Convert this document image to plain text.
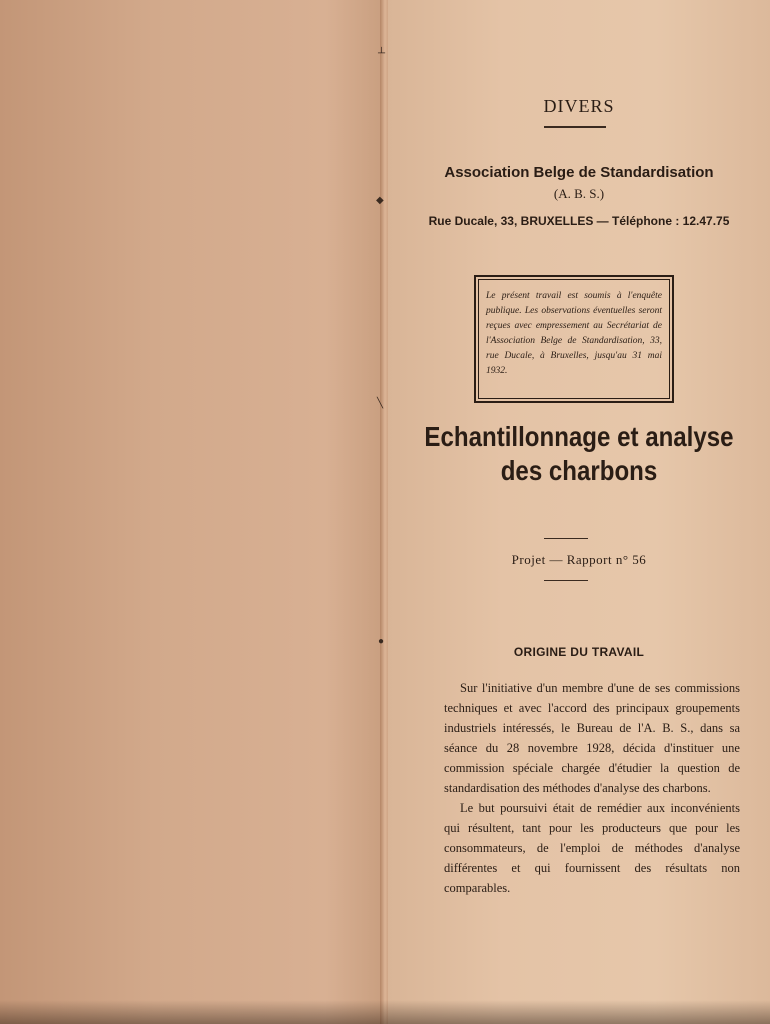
┴
◆
╲
●
DIVERS
Association Belge de Standardisation
(A. B. S.)
Rue Ducale, 33, BRUXELLES — Téléphone : 12.47.75
Le présent travail est soumis à l'enquête publique. Les observations éventuelles seront reçues avec empressement au Secrétariat de l'Association Belge de Standardisation, 33, rue Ducale, à Bruxelles, jusqu'au 31 mai 1932.
Echantillonnage et analyse
des charbons
Projet — Rapport n° 56
ORIGINE DU TRAVAIL

Sur l'initiative d'un membre d'une de ses commissions techniques et avec l'accord des principaux groupements industriels intéressés, le Bureau de l'A. B. S., dans sa séance du 28 novembre 1928, décida d'instituer une commission spéciale chargée d'étudier la question de standardisation des méthodes d'analyse des charbons.

Le but poursuivi était de remédier aux inconvénients qui résultent, tant pour les producteurs que pour les consommateurs, de l'emploi de méthodes d'analyse différentes et qui fournissent des résultats non comparables.
